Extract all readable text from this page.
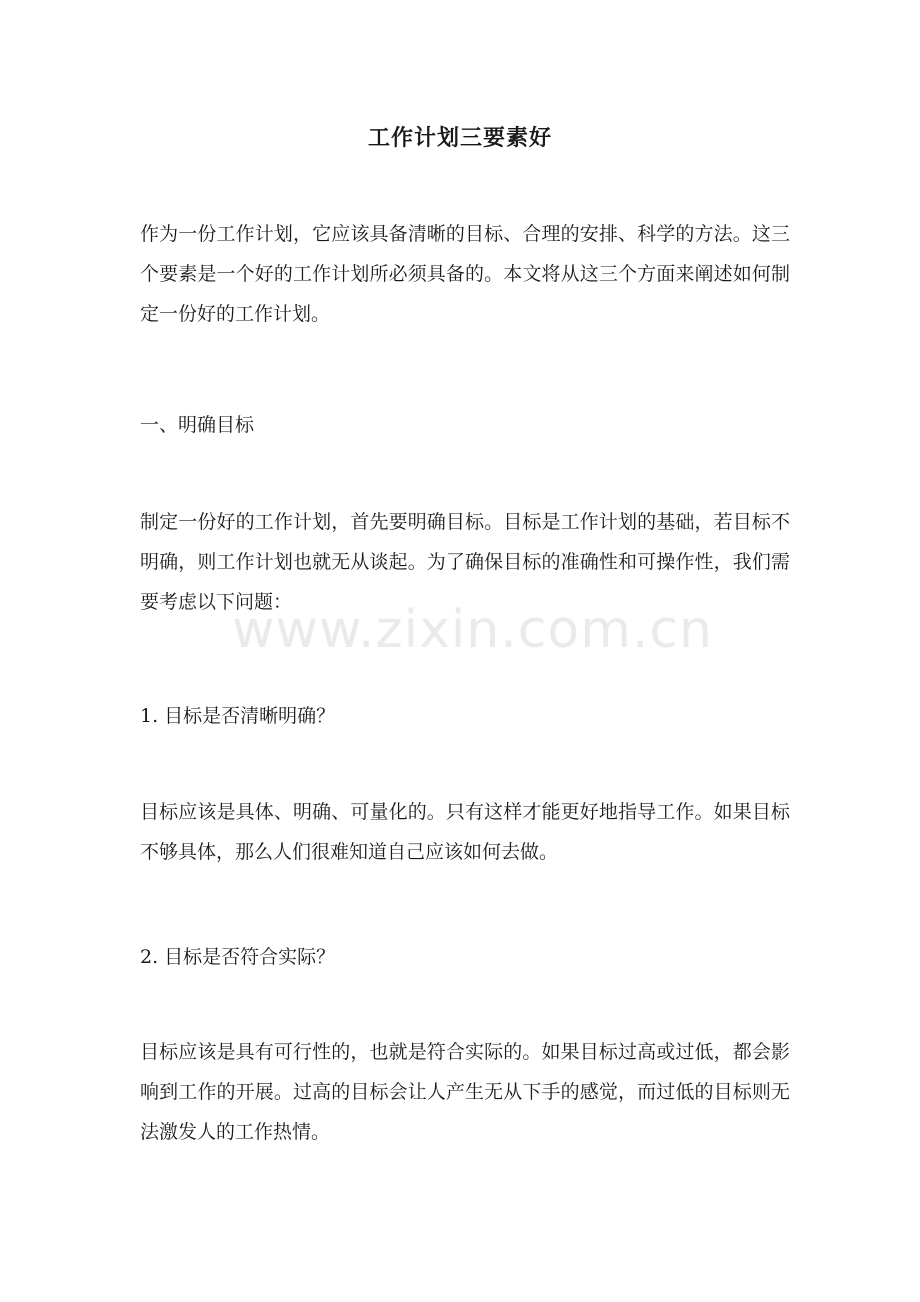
工作计划三要素好

作为一份工作计划，它应该具备清晰的目标、合理的安排、科学的方法。这三个要素是一个好的工作计划所必须具备的。本文将从这三个方面来阐述如何制定一份好的工作计划。

一、明确目标

制定一份好的工作计划，首先要明确目标。目标是工作计划的基础，若目标不明确，则工作计划也就无从谈起。为了确保目标的准确性和可操作性，我们需要考虑以下问题：

1. 目标是否清晰明确？

目标应该是具体、明确、可量化的。只有这样才能更好地指导工作。如果目标不够具体，那么人们很难知道自己应该如何去做。

2. 目标是否符合实际？

目标应该是具有可行性的，也就是符合实际的。如果目标过高或过低，都会影响到工作的开展。过高的目标会让人产生无从下手的感觉，而过低的目标则无法激发人的工作热情。

www.zixin.com.cn
